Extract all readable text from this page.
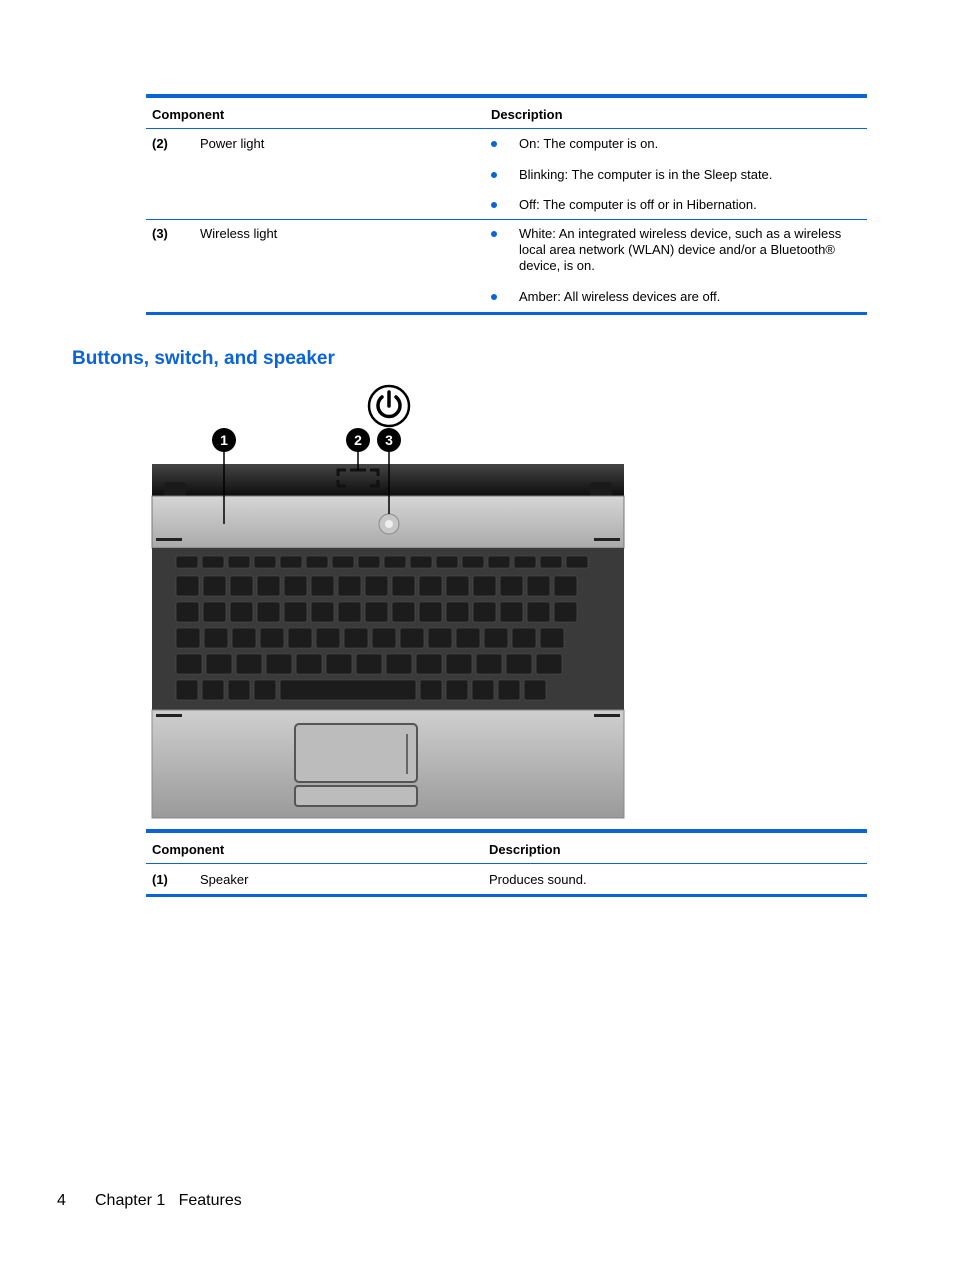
Component	Description
(2) Power light	On: The computer is on.
Blinking: The computer is in the Sleep state.
Off: The computer is off or in Hibernation.
(3) Wireless light	White: An integrated wireless device, such as a wireless local area network (WLAN) device and/or a Bluetooth® device, is on.
Amber: All wireless devices are off.
Buttons, switch, and speaker
1	2 3
Component	Description
(1) Speaker	Produces sound.
4 Chapter 1   Features
